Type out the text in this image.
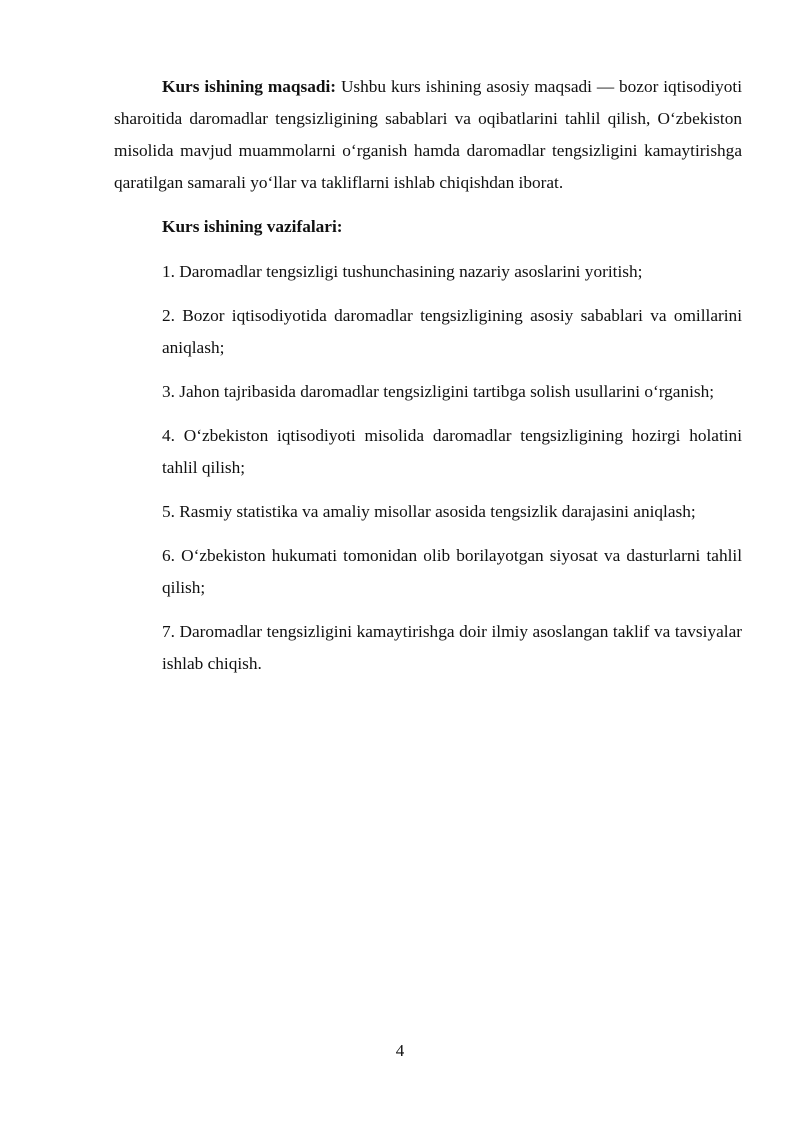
Kurs ishining maqsadi: Ushbu kurs ishining asosiy maqsadi — bozor iqtisodiyoti sharoitida daromadlar tengsizligining sabablari va oqibatlarini tahlil qilish, O‘zbekiston misolida mavjud muammolarni o‘rganish hamda daromadlar tengsizligini kamaytirishga qaratilgan samarali yo‘llar va takliflarni ishlab chiqishdan iborat.

Kurs ishining vazifalari:

1. Daromadlar tengsizligi tushunchasining nazariy asoslarini yoritish;

2. Bozor iqtisodiyotida daromadlar tengsizligining asosiy sabablari va omillarini aniqlash;

3. Jahon tajribasida daromadlar tengsizligini tartibga solish usullarini o‘rganish;

4. O‘zbekiston iqtisodiyoti misolida daromadlar tengsizligining hozirgi holatini tahlil qilish;

5. Rasmiy statistika va amaliy misollar asosida tengsizlik darajasini aniqlash;

6. O‘zbekiston hukumati tomonidan olib borilayotgan siyosat va dasturlarni tahlil qilish;

7. Daromadlar tengsizligini kamaytirishga doir ilmiy asoslangan taklif va tavsiyalar ishlab chiqish.

4
